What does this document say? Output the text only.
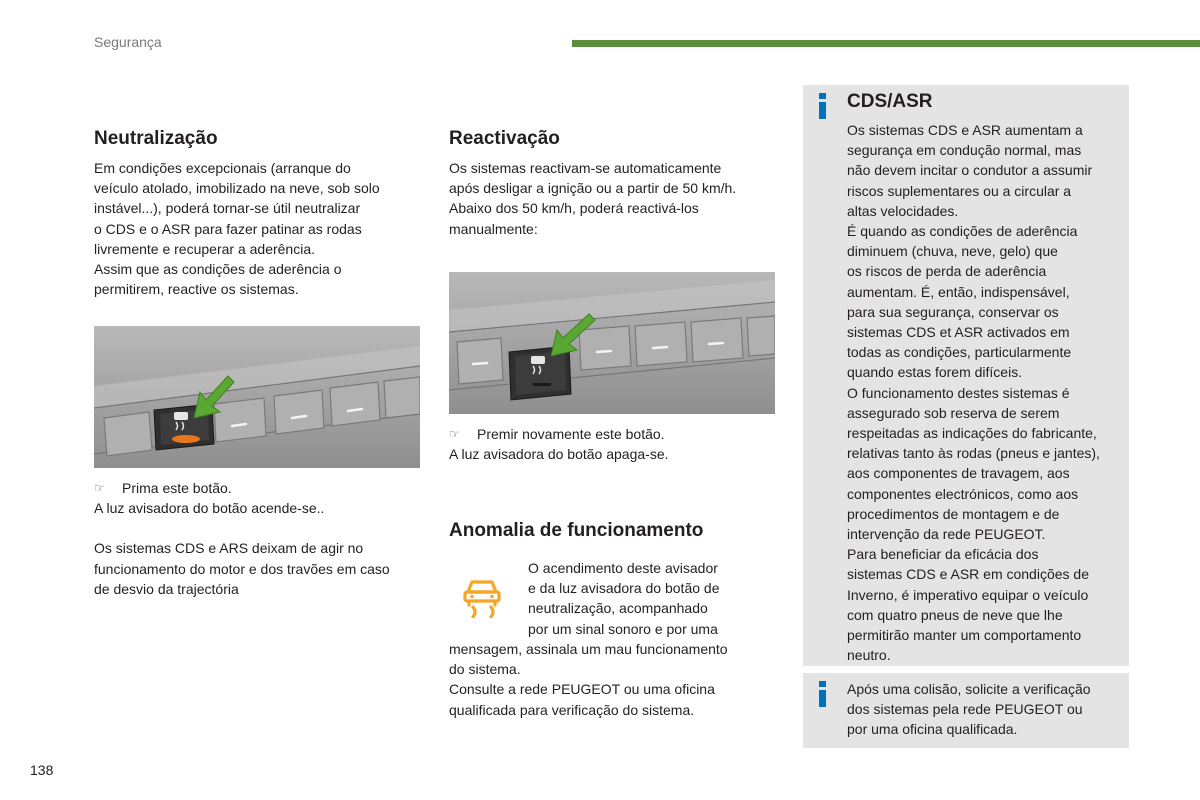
Segurança
Neutralização

Em condições excepcionais (arranque do
veículo atolado, imobilizado na neve, sob solo
instável...), poderá tornar-se útil neutralizar
o CDS e o ASR para fazer patinar as rodas
livremente e recuperar a aderência.
Assim que as condições de aderência o
permitirem, reactive os sistemas.

☞ Prima este botão.

A luz avisadora do botão acende-se..

Os sistemas CDS e ARS deixam de agir no
funcionamento do motor e dos travões em caso
de desvio da trajectória

Reactivação

Os sistemas reactivam-se automaticamente
após desligar a ignição ou a partir de 50 km/h.
Abaixo dos 50 km/h, poderá reactivá-los
manualmente:

☞ Premir novamente este botão.

A luz avisadora do botão apaga-se.

Anomalia de funcionamento

O acendimento deste avisador
e da luz avisadora do botão de
neutralização, acompanhado
por um sinal sonoro e por uma

mensagem, assinala um mau funcionamento
do sistema.
Consulte a rede PEUGEOT ou uma oficina
qualificada para verificação do sistema.

CDS/ASR
Os sistemas CDS e ASR aumentam a
segurança em condução normal, mas
não devem incitar o condutor a assumir
riscos suplementares ou a circular a
altas velocidades.
É quando as condições de aderência
diminuem (chuva, neve, gelo) que
os riscos de perda de aderência
aumentam. É, então, indispensável,
para sua segurança, conservar os
sistemas CDS et ASR activados em
todas as condições, particularmente
quando estas forem difíceis.
O funcionamento destes sistemas é
assegurado sob reserva de serem
respeitadas as indicações do fabricante,
relativas tanto às rodas (pneus e jantes),
aos componentes de travagem, aos
componentes electrónicos, como aos
procedimentos de montagem e de
intervenção da rede PEUGEOT.
Para beneficiar da eficácia dos
sistemas CDS e ASR em condições de
Inverno, é imperativo equipar o veículo
com quatro pneus de neve que lhe
permitirão manter um comportamento
neutro.
Após uma colisão, solicite a verificação
dos sistemas pela rede PEUGEOT ou
por uma oficina qualificada.
138
